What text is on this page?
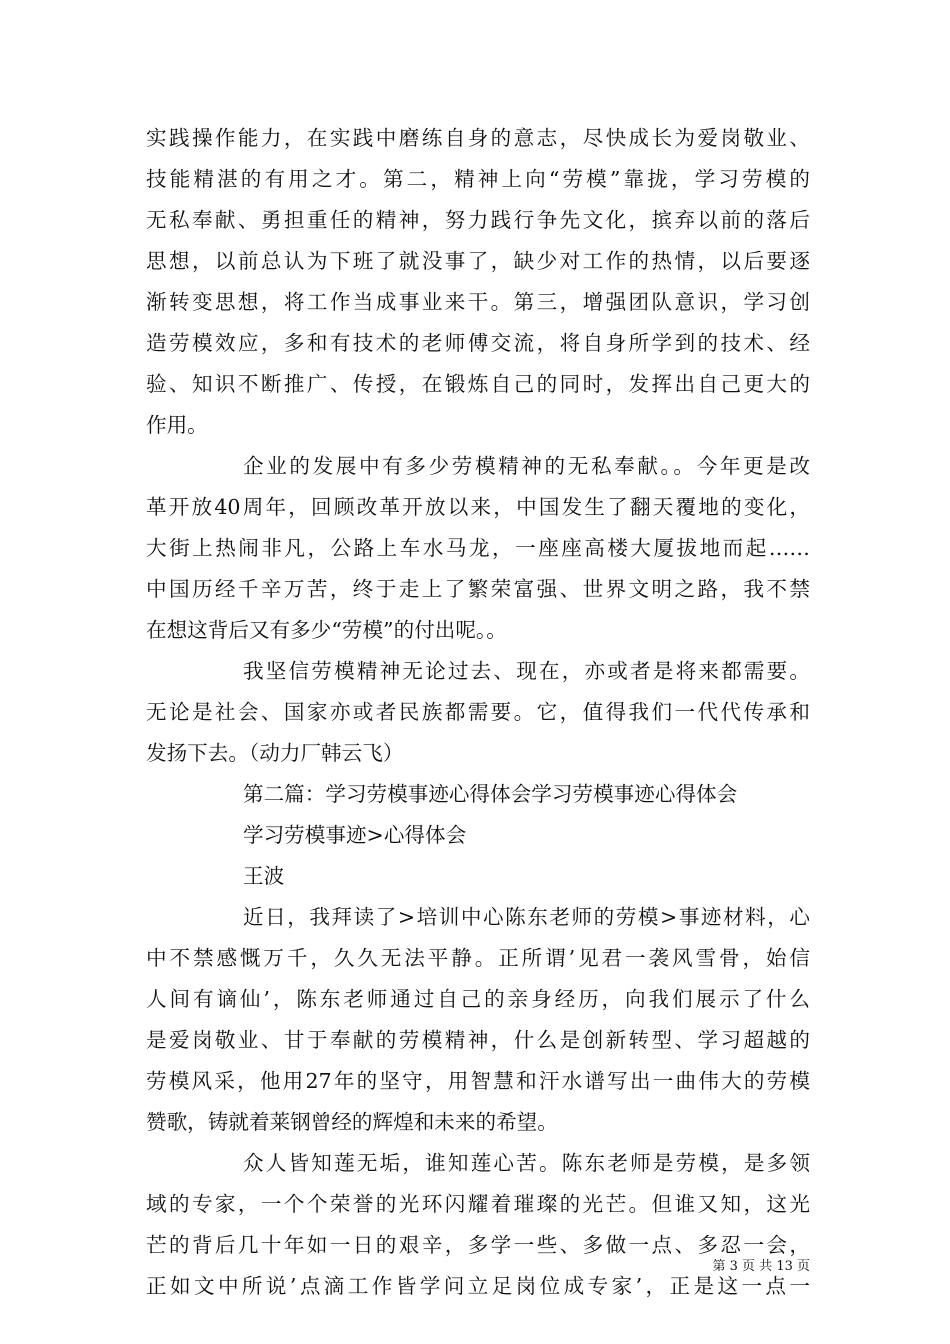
实践操作能力，在实践中磨练自身的意志，尽快成长为爱岗敬业、
技能精湛的有用之才。第二，精神上向“劳模”靠拢，学习劳模的
无私奉献、勇担重任的精神，努力践行争先文化，摈弃以前的落后
思想，以前总认为下班了就没事了，缺少对工作的热情，以后要逐
渐转变思想，将工作当成事业来干。第三，增强团队意识，学习创
造劳模效应，多和有技术的老师傅交流，将自身所学到的技术、经
验、知识不断推广、传授，在锻炼自己的同时，发挥出自己更大的
作用。
企业的发展中有多少劳模精神的无私奉献。。今年更是改
革开放40周年，回顾改革开放以来，中国发生了翻天覆地的变化，
大街上热闹非凡，公路上车水马龙，一座座高楼大厦拔地而起……
中国历经千辛万苦，终于走上了繁荣富强、世界文明之路，我不禁
在想这背后又有多少“劳模”的付出呢。。
我坚信劳模精神无论过去、现在，亦或者是将来都需要。
无论是社会、国家亦或者民族都需要。它，值得我们一代代传承和
发扬下去。（动力厂韩云飞）
第二篇：学习劳模事迹心得体会学习劳模事迹心得体会
学习劳模事迹>心得体会
王波
近日，我拜读了>培训中心陈东老师的劳模>事迹材料，心
中不禁感慨万千，久久无法平静。正所谓’见君一袭风雪骨，始信
人间有谪仙’，陈东老师通过自己的亲身经历，向我们展示了什么
是爱岗敬业、甘于奉献的劳模精神，什么是创新转型、学习超越的
劳模风采，他用27年的坚守，用智慧和汗水谱写出一曲伟大的劳模
赞歌，铸就着莱钢曾经的辉煌和未来的希望。
众人皆知莲无垢，谁知莲心苦。陈东老师是劳模，是多领
域的专家，一个个荣誉的光环闪耀着璀璨的光芒。但谁又知，这光
芒的背后几十年如一日的艰辛，多学一些、多做一点、多忍一会，
正如文中所说’点滴工作皆学问立足岗位成专家’，正是这一点一
第 3 页 共 13 页
